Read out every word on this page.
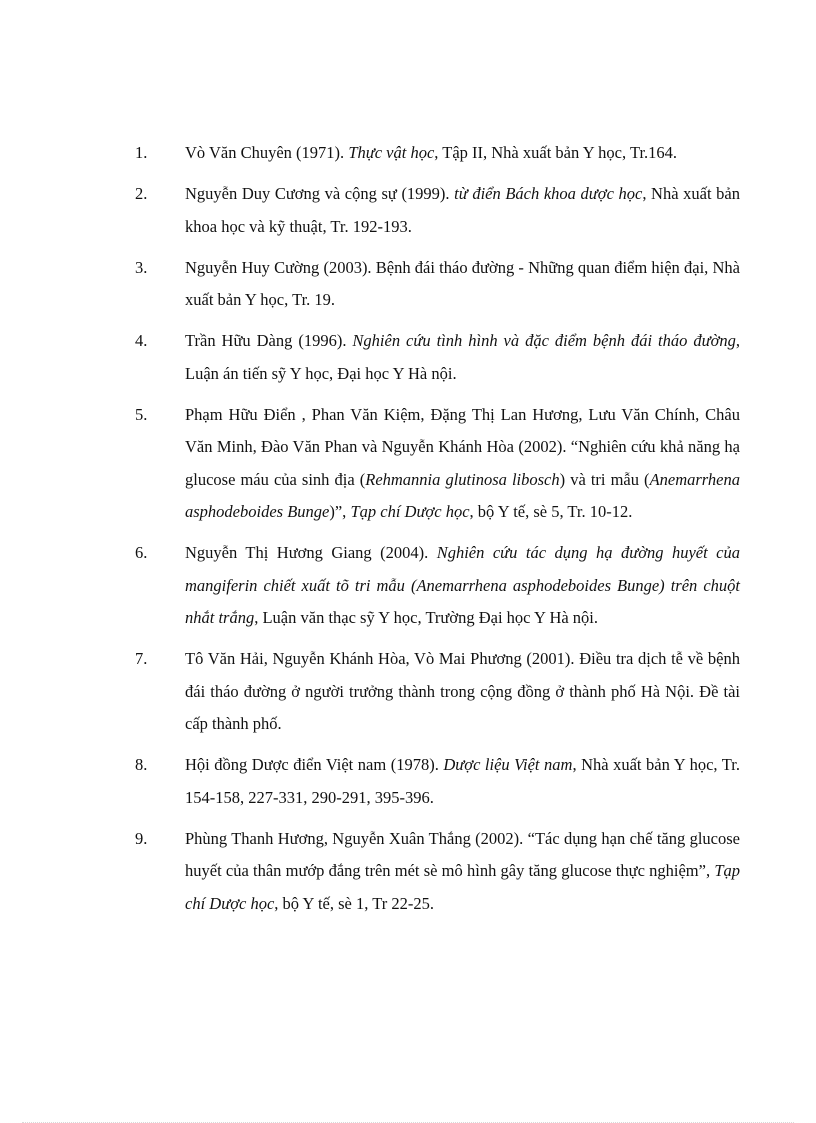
1.	Vò Văn Chuyên (1971). Thực vật học, Tập II, Nhà xuất bản Y học, Tr.164.
2.	Nguyễn Duy Cương và cộng sự (1999). từ điển Bách khoa dược học, Nhà xuất bản khoa học và kỹ thuật, Tr. 192-193.
3.	Nguyễn Huy Cường (2003). Bệnh đái tháo đường - Những quan điểm hiện đại, Nhà xuất bản Y học, Tr. 19.
4.	Trần Hữu Dàng (1996). Nghiên cứu tình hình và đặc điểm bệnh đái tháo đường, Luận án tiến sỹ Y học, Đại học Y Hà nội.
5.	Phạm Hữu Điển , Phan Văn Kiệm, Đặng Thị Lan Hương, Lưu Văn Chính, Châu Văn Minh, Đào Văn Phan và Nguyễn Khánh Hòa (2002). “Nghiên cứu khả năng hạ glucose máu của sinh địa (Rehmannia glutinosa libosch) và tri mẫu (Anemarrhena asphodeboides Bunge)”, Tạp chí Dược học, bộ Y tế, sè 5, Tr. 10-12.
6.	Nguyễn Thị Hương Giang (2004). Nghiên cứu tác dụng hạ đường huyết của mangiferin chiết xuất tõ tri mẫu (Anemarrhena asphodeboides Bunge) trên chuột nhắt trắng, Luận văn thạc sỹ Y học, Trường Đại học Y Hà nội.
7.	Tô Văn Hải, Nguyễn Khánh Hòa, Vò Mai Phương (2001). Điều tra dịch tễ về bệnh đái tháo đường ở người trưởng thành trong cộng đồng ở thành phố Hà Nội. Đề tài cấp thành phố.
8.	Hội đồng Dược điển Việt nam (1978). Dược liệu Việt nam, Nhà xuất bản Y học, Tr. 154-158, 227-331, 290-291, 395-396.
9.	Phùng Thanh Hương, Nguyễn Xuân Thắng (2002). “Tác dụng hạn chế tăng glucose huyết của thân mướp đắng trên mét sè mô hình gây tăng glucose thực nghiệm”, Tạp chí Dược học, bộ Y tế, sè 1, Tr 22-25.
